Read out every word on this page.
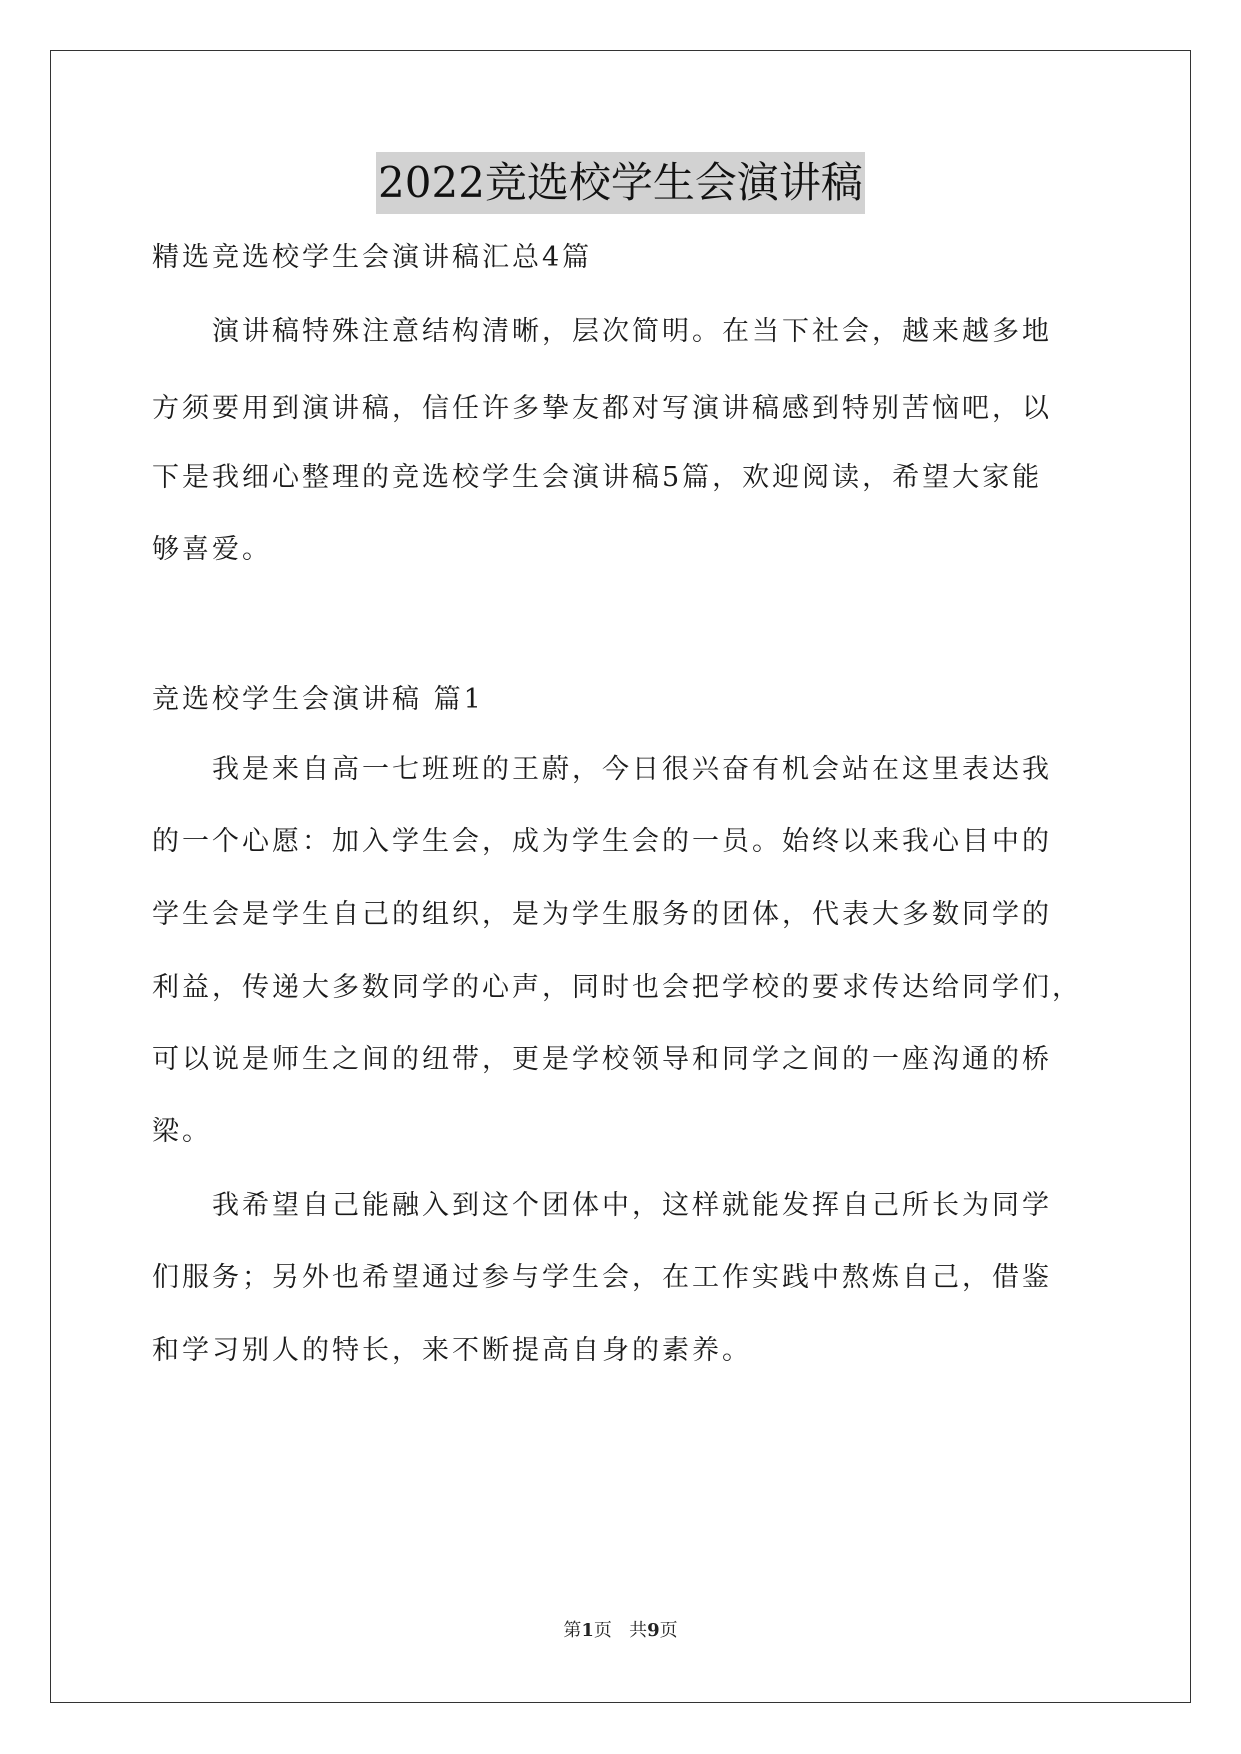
2022竞选校学生会演讲稿
精选竞选校学生会演讲稿汇总4篇
演讲稿特殊注意结构清晰，层次简明。在当下社会，越来越多地
方须要用到演讲稿，信任许多挚友都对写演讲稿感到特别苦恼吧，以
下是我细心整理的竞选校学生会演讲稿5篇，欢迎阅读，希望大家能
够喜爱。
竞选校学生会演讲稿 篇1
我是来自高一七班班的王蔚，今日很兴奋有机会站在这里表达我
的一个心愿：加入学生会，成为学生会的一员。始终以来我心目中的
学生会是学生自己的组织，是为学生服务的团体，代表大多数同学的
利益，传递大多数同学的心声，同时也会把学校的要求传达给同学们，
可以说是师生之间的纽带，更是学校领导和同学之间的一座沟通的桥
梁。
我希望自己能融入到这个团体中，这样就能发挥自己所长为同学
们服务；另外也希望通过参与学生会，在工作实践中熬炼自己，借鉴
和学习别人的特长，来不断提高自身的素养。
第1页 共9页
